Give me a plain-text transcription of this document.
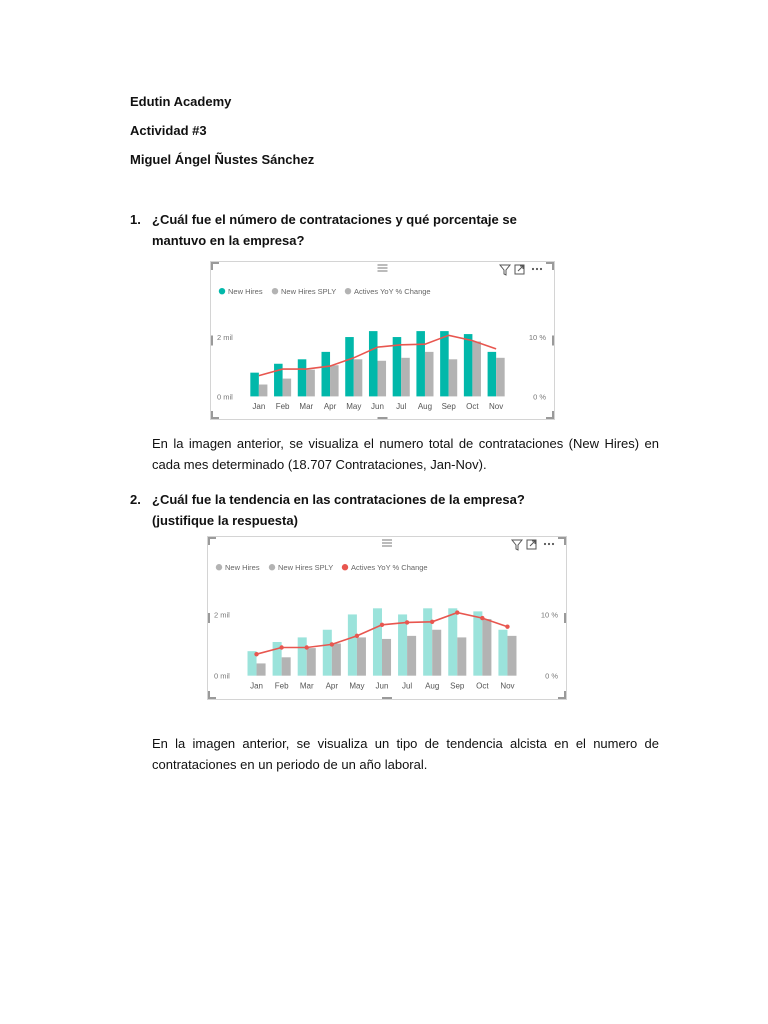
Edutin Academy
Actividad #3
Miguel Ángel Ñustes Sánchez
1. ¿Cuál fue el número de contrataciones y qué porcentaje se mantuvo en la empresa?
New Hires New Hires SPLY Actives YoY % Change
2 mil
0 mil
10 %
0 %
Jan Feb Mar Apr May Jun Jul Aug Sep Oct Nov
En la imagen anterior, se visualiza el numero total de contrataciones (New Hires) en cada mes determinado (18.707 Contrataciones, Jan-Nov).
2. ¿Cuál fue la tendencia en las contrataciones de la empresa? (justifique la respuesta)
New Hires New Hires SPLY Actives YoY % Change
2 mil
0 mil
10 %
0 %
Jan Feb Mar Apr May Jun Jul Aug Sep Oct Nov
En la imagen anterior, se visualiza un tipo de tendencia alcista en el numero de contrataciones en un periodo de un año laboral.
